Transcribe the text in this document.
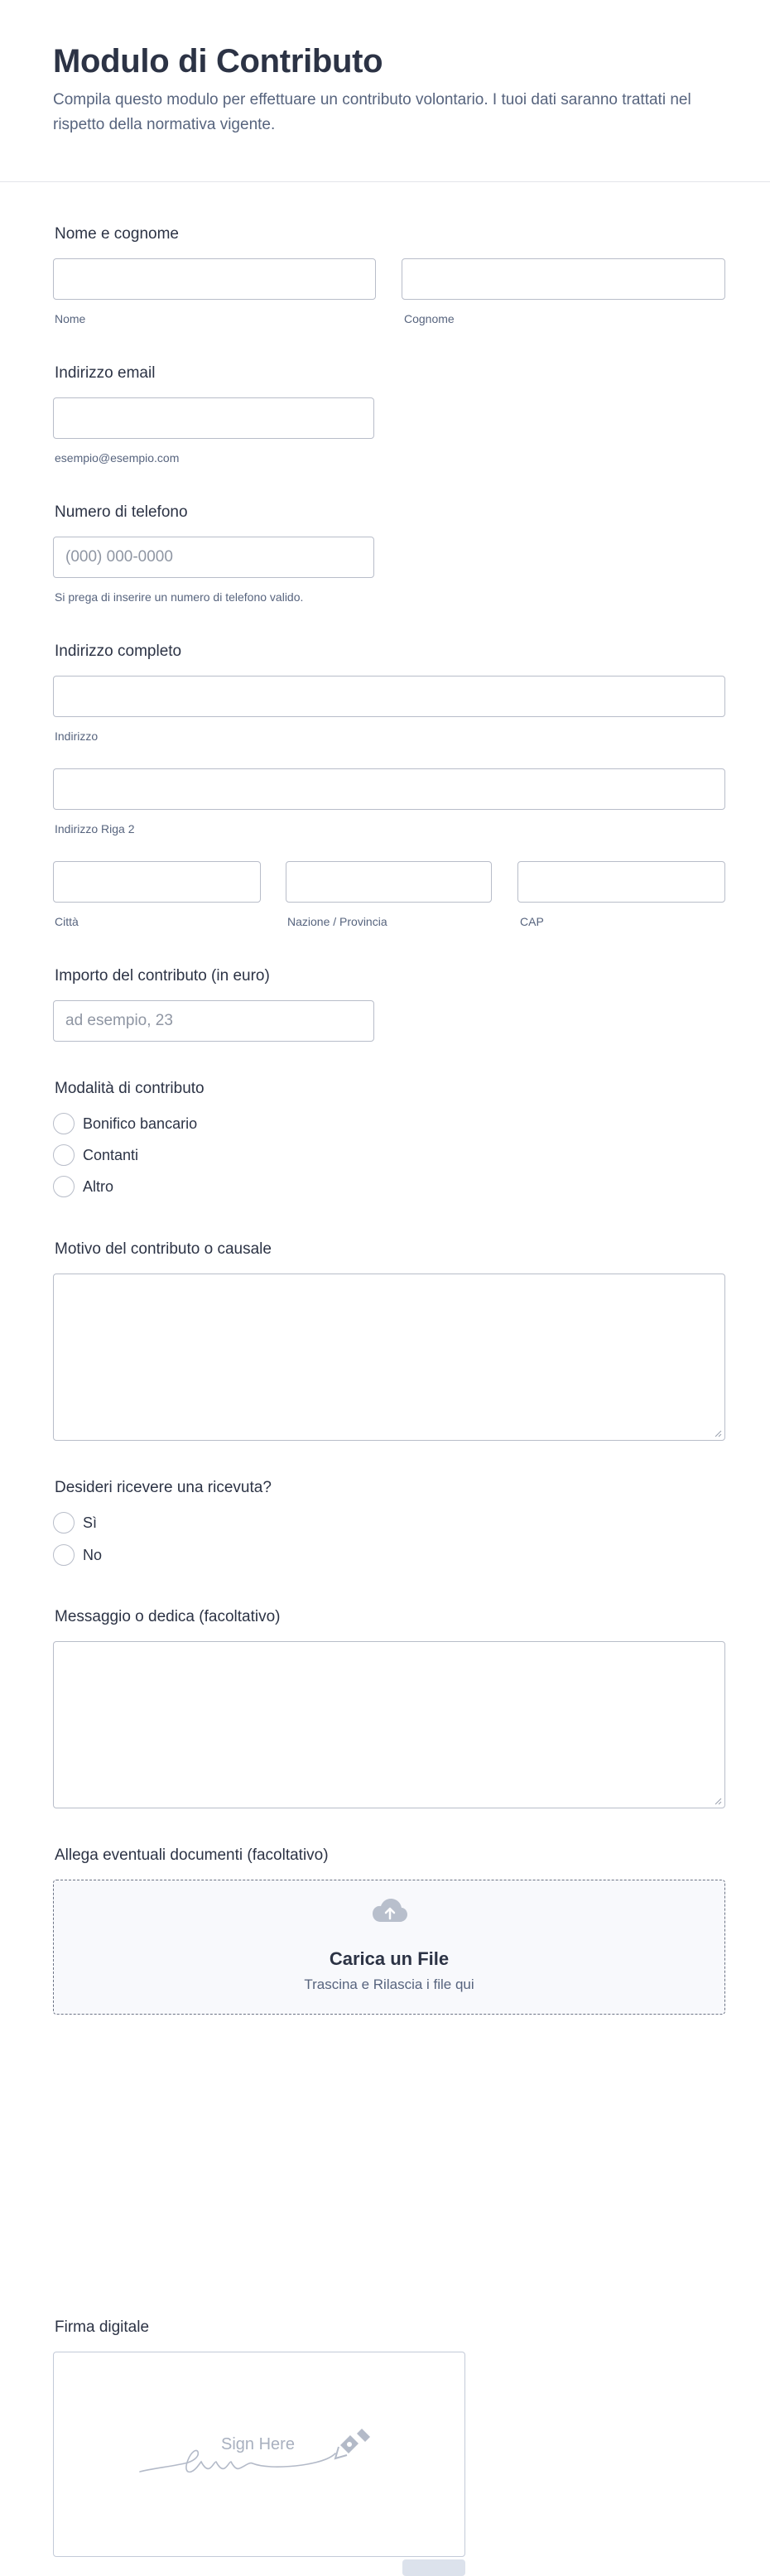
Modulo di Contributo

Compila questo modulo per effettuare un contributo volontario. I tuoi dati saranno trattati nel rispetto della normativa vigente.

Nome e cognome
Nome	Cognome
Indirizzo email
esempio@esempio.com
Numero di telefono
(000) 000-0000
Si prega di inserire un numero di telefono valido.
Indirizzo completo
Indirizzo
Indirizzo Riga 2
Città	Nazione / Provincia	CAP
Importo del contributo (in euro)
ad esempio, 23
Modalità di contributo
Bonifico bancario
Contanti
Altro
Motivo del contributo o causale
Desideri ricevere una ricevuta?
Sì
No
Messaggio o dedica (facoltativo)
Allega eventuali documenti (facoltativo)
Carica un File
Trascina e Rilascia i file qui
Firma digitale
Sign Here
